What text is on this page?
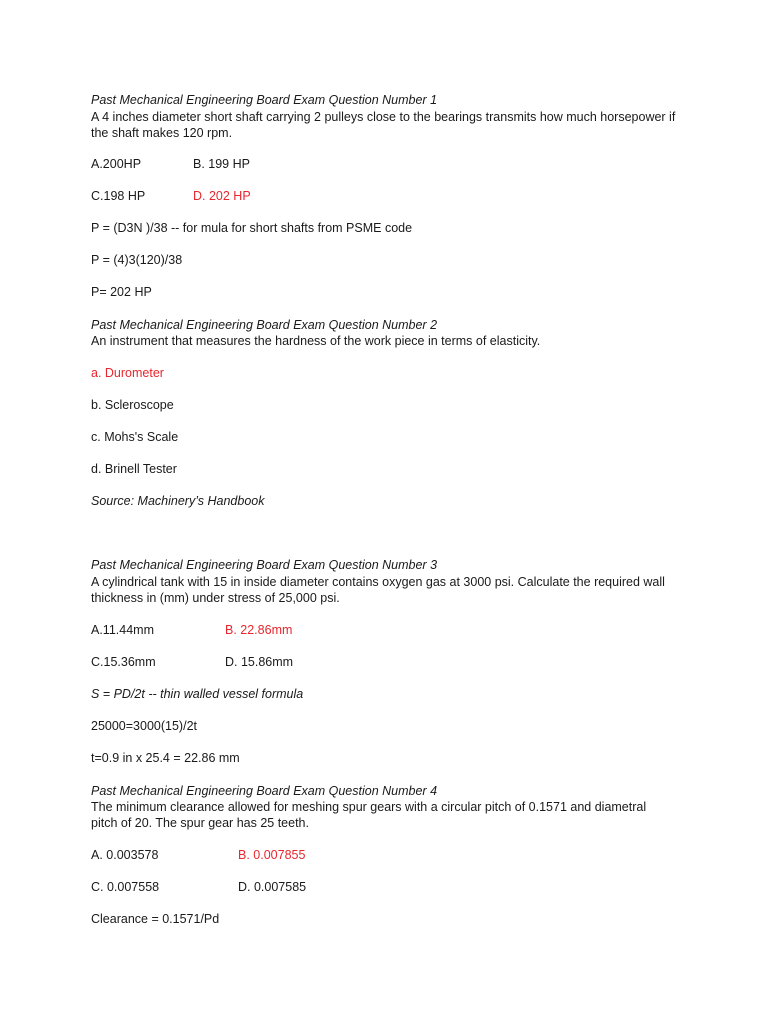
Past Mechanical Engineering Board Exam Question Number 1
A 4 inches diameter short shaft carrying 2 pulleys close to the bearings transmits how much horsepower if
the shaft makes 120 rpm.
A.200HP	B. 199 HP
C.198 HP	D. 202 HP
P = (D3N )/38 -- for mula for short shafts from PSME code
P = (4)3(120)/38
P= 202 HP
Past Mechanical Engineering Board Exam Question Number 2
An instrument that measures the hardness of the work piece in terms of elasticity.
a. Durometer
b. Scleroscope
c. Mohs's Scale
d. Brinell Tester
Source: Machinery’s Handbook
Past Mechanical Engineering Board Exam Question Number 3
A cylindrical tank with 15 in inside diameter contains oxygen gas at 3000 psi. Calculate the required wall
thickness in (mm) under stress of 25,000 psi.
A.11.44mm	B. 22.86mm
C.15.36mm	D. 15.86mm
S = PD/2t -- thin walled vessel formula
25000=3000(15)/2t
t=0.9 in x 25.4 = 22.86 mm
Past Mechanical Engineering Board Exam Question Number 4
The minimum clearance allowed for meshing spur gears with a circular pitch of 0.1571 and diametral
pitch of 20. The spur gear has 25 teeth.
A. 0.003578	B. 0.007855
C. 0.007558	D. 0.007585
Clearance = 0.1571/Pd
